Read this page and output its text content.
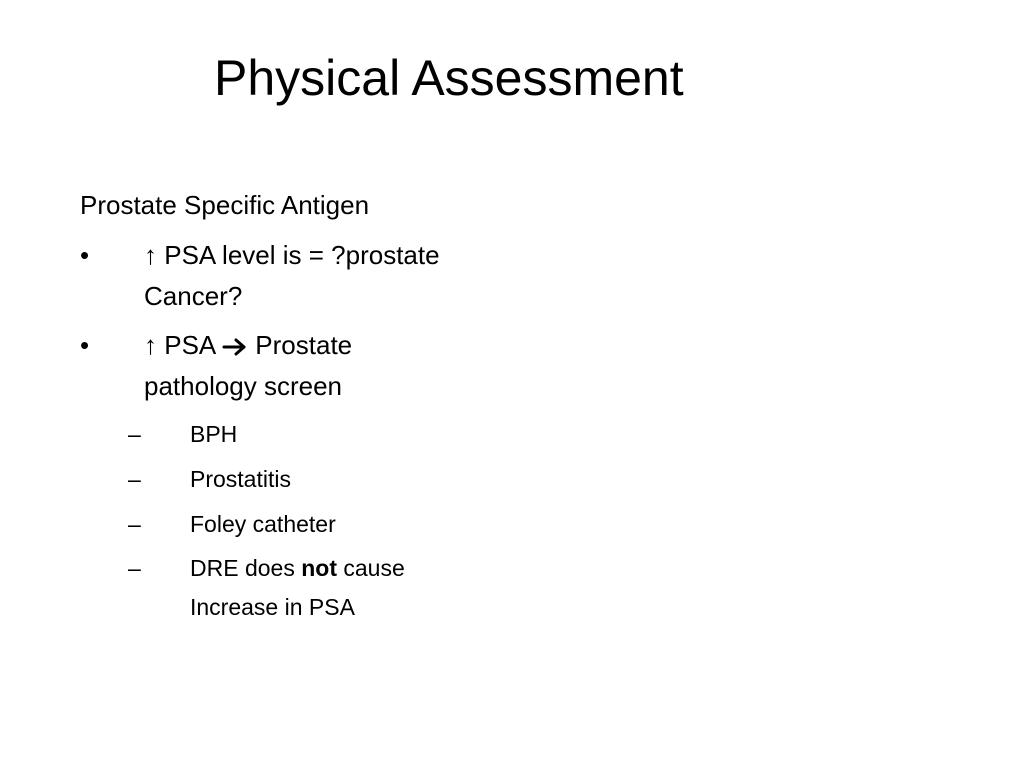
Physical Assessment
Prostate Specific Antigen
• ↑ PSA level is = ?prostate
Cancer?
• ↑ PSA Prostate
pathology screen
– BPH
– Prostatitis
– Foley catheter
– DRE does not cause
Increase in PSA
